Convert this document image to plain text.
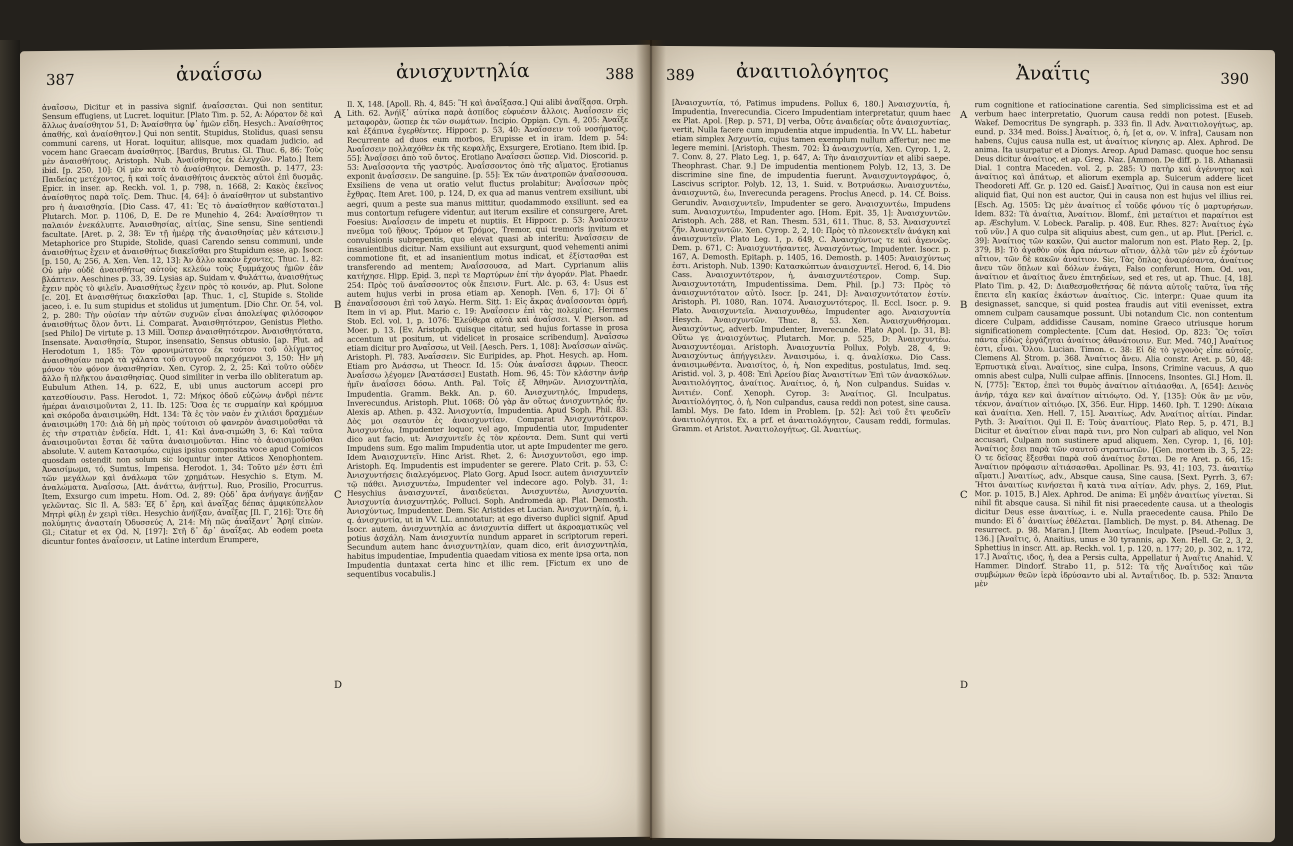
387	ἀναΐσσω	ἀνισχυντηλία	388

ἀναΐσσω, Dicitur et in passiva signif. ἀναΐσσεται. Qui non sentitur, Sensum effugiens, ut Lucret. loquitur. [Plato Tim. p. 52, A: Ἀόρατον δὲ καὶ ἄλλως ἀναίσθητον 51, D: Ἀναίσθητα ὑφ᾽ ἡμῶν εἴδη. Hesych.: Ἀναίσθητος ἀπαθής, καὶ ἀναίσθητον.] Qui non sentit, Stupidus, Stolidus, quasi sensu communi carens, ut Horat. loquitur, aliisque, mox quadam judicio, ad vocem hanc Graecam ἀναίσθητος. [Bardus, Brutus. Gl. Thuc. 6, 86: Τοὺς μὲν ἀναισθήτους. Aristoph. Nub. Ἀναίσθητος ἐκ ἐλεγχῶν. Plato.] Item ibid. [p. 250, 10]: Οἱ μὲν κατὰ τὸ ἀναίσθητον. Demosth. p. 1477, 23: Παιδείας μετέχοντος, ἢ καὶ τοῖς ἀναισθήτοις ἀνεκτὸς αὐτοὶ ἐπὶ δυσμᾶς. Epicr. in inser. ap. Reckh. vol. 1, p. 798, n. 1668, 2: Κακὸς ἐκεῖνος ἀναίσθητος παρὰ τοῖς. Dem. Thuc. [4, 64]: ὁ ἀναίσθητον ut substantivo pro ἡ ἀναισθησία. [Dio Cass. 47, 41: Ἐς τὸ ἀναίσθητον καθίσταται.] Plutarch. Mor. p. 1106, D, E. De re Munehio 4, 264: Ἀναίσθητον τι παλαιόν ἐνεκάλυπτε. Ἀναισθησίας, αἰτίας, Sine sensu, Sine sentiendi facultate. [Aret. p. 2, 38: Ἐν τῇ ἡμέρᾳ τῆς ἀναισθησίας μὲν κάτεισιν.] Metaphorice pro Stupide, Stolide, quasi Carendo sensu communi, unde ἀναισθήτως ἔχειν et ἀναισθήτως διακεῖσθαι pro Stupidum esse, ap. Isocr. [p. 150, A; 256, A. Xen. Ven. 12, 13]: Ἀν ἄλλο κακὸν ἔχοντες. Thuc. 1, 82: Οὐ μὴν οὐδὲ ἀναισθήτως αὐτοὺς κελεύω τοὺς ξυμμάχους ἡμῶν ἐᾶν βλάπτειν. Aeschines p. 33, 39. Lysias ap. Suidam v. Φυλάττω, ἀναισθήτως ἔχειν πρὸς τὸ φιλεῖν. Ἀναισθήτως ἔχειν πρὸς τὸ κοινόν, ap. Plut. Solone [c. 20]. Et ἀναισθήτως διακεῖσθαι [ap. Thuc. 1, c], Stupide s. Stolide jaceo, i. e. Iu sum stupidus et stolidus ut jumentum. [Dio Chr. Or. 54, vol. 2, p. 280: Τὴν οὐσίαν τὴν αὐτῶν συχνῶν εἶναι ἀπολείψας φιλόσοφον ἀναισθήτως ὅλον ὄντι. Li. Comparat. Ἀναισθητότερον, Genistus Pletho. [sed Philo] De virtute p. 13 Mill. Ὅσπερ ἀναισθητότερον. Ἀναισθητότατα, Insensate. Ἀναισθησία, Stupor, insensatio, Sensus obtusio. [ap. Plut. ad Herodotum 1, 185: Τὸν φρονιμώτατον ἐκ τούτου τοῦ ὀλίγματος ἀναισθησίαν παρὰ τὰ γάλατα τοῦ στυγνοῦ παρεχόμενοι 3, 150: Ἦν μὴ μόνον τὸν φόνον ἀναισθησίαν. Xen. Cyrop. 2, 2, 25: Καὶ τοῦτο οὐδὲν ἄλλο ἢ πλῆκτου ἀναισθησίας. Quod similiter in verba illo obliteratum ap. Eubulum Athen. 14, p. 622, E, ubi unus auctorum accepi pro κατεσθίουσιν. Pass. Herodot. 1, 72: Μήκος ὁδοῦ εὐζώνῳ ἀνδρὶ πέντε ἡμέραι ἀναισιμοῦνται 2, 11. Ib. 125: Ὅσα ἐς τε συρμαίην καὶ κρόμμυα καὶ σκόροδα ἀναισιμώθη. Hdt. 134: Τὰ ἐς τὸν ναὸν ἐν χιλιάσι δραχμέων ἀναισιμώθη 170: Διὰ δὴ μὴ πρὸς τούτοισι οὐ φανερὸν ἀνασιμοῦσθαι τὰ ἐς τὴν στρατιὰν ἐνδεία. Hdt. 1, 41: Καὶ ἀνα-σιμώθη 3, 6: Καὶ ταῦτα ἀναισιμοῦνται ἔσται δὲ ταῦτα ἀναισιμοῦνται. Hinc τὸ ἀναισιμοῦσθαι absolute. V. autem Κατασιμόω, cujus ipsius composita voce apud Comicos quosdam ostendit non solum sic loquntur inter Atticos Xenophontem. Ἀναισίμωμα, τό, Sumtus, Impensa. Herodot. 1, 34: Τοῦτο μέν ἐστι ἐπὶ τῶν μεγάλων καὶ ἀνάλωμα τῶν χρημάτων. Hesychio s. Etym. M. ἀναλώματα. Ἀναΐσσω, [Att. ἀνάττω, ἀνῄττω]. Ruo, Prosilio, Procurrus. Item, Exsurgo cum impetu. Hom. Od. 2, 89: Οὐδ᾽ ἄρα ἀνήγαγε ἀνῄξαν γελῶντας. Sic Il. A, 583: Ἐξ δ᾽ ἔρη, καὶ ἀναΐξας δέπας ἀμφικύπελλον Μητρὶ φίλῃ ἐν χειρὶ τίθει. Hesychio ἀνήϊξαν, ἀναΐξας [Il. Γ, 216]: Ὅτε δὴ πολύμητις ἀνασταίη Ὀδυσσεύς Λ, 214: Μὴ πῶς ἀναΐξαντ᾽ Ἄρηϊ εἰπὼν. Gl.; Citatur et ex Od. N, [197]: Στῆ δ᾽ ἄρ᾽ ἀναΐξας. Ab eodem poeta dicuntur fontes ἀναΐσσειν, ut Latine interdum Erumpere,

Il. X, 148. [Apoll. Rh. 4, 845: Ἢ καὶ ἀναΐξασα.] Qui alibi ἀναΐξασα. Orph. Lith. 62. Ἀνήϊξ᾽ αὐτίκα παρὰ ἀσπίδος εὐφυέσιν ἄλλοις. Ἀναΐσσειν εἰς μεταφορὰν, ὥσπερ ἐκ τῶν σωμάτων. Incipio. Oppian. Cyn. 4, 205: Ἀναΐξε καὶ ἐξάπινα ἐγερθέντες. Hippocr. p. 53, 40: Ἀναΐσσειν τοῦ νοσήματος. Recurrente ad duos eum morbos, Erupisse et in iram. Idem p. 54: Ἀναΐσσειν πολλαχόθεν ἐκ τῆς κεφαλῆς, Exsurgere, Erotiano. Item ibid. [p. 55]: Ἀναΐσσει ἀπὸ τοῦ ὄντος. Erotiano Ἀναΐσσει ὥσπερ. Vid. Dioscorid. p. 53: Ἀναΐσσοντα τῆς γαστρός. Ἀναΐσσοντος ὀπὸ τῆς αἵματος. Erotianus exponit ἀναΐσσειν. De sanguine. [p. 55]: Ἐκ τῶν ἀνατροπῶν ἀναΐσσουσα. Exsiliens de vena ut oratio velut fluctus prolabitur; Ἀναΐσσων πρὸς ἔχθρας. Item Aret. 100, p. 124, D, ex qua ad manus ventrem exsiliunt, ubi aegri, quum a peste sua manus mittitur, quodammodo exsiliunt. sed ea mus contortum refugere videntur, aut iterum exsilire et consurgere. Aret. Foesius: Ἀναΐσσειν de impetu et nuptiis. Et Hippocr. p. 53: Ἀναΐσσειν πνεῦμα τοῦ ἤθους. Τρόμον et Τρόμος, Tremor, qui tremoris invitum et convulsionis subrepentis, quo elevat quasi ab interitu: Ἀναΐσσειν de insanientibus dicitur. Nam exsiliunt aut exsurgunt, quod vehementi animi commotione fit, et ad insanientium motus indicat, et ἐξίστασθαι est transferendo ad mentem; Ἀναΐσσουσα, ad Mart. Cyprianum aliis κατήχησε. Hipp. Epid. 3, περὶ τε Μαρτύρων ἐπί τὴν ἀγοράν. Plat. Phaedr. 254: Πρὸς τοῦ ἀναΐσσοντος οὐκ ἔπεισιν. Furt. Alc. p. 63, 4: Usus est autem hujus verbi in prosa etiam ap. Xenoph. [Ven. 6, 17]: Οἱ δ᾽ ἐπαναΐσσουσι ἐπὶ τοῦ λαγὼ. Herm. Sitt. 1: Εἰς ἄκρας ἀναΐσσονται ὁρμή. Item in vi ap. Plut. Mario c. 19: Ἀναΐσσειν ἐπὶ τὰς πολεμίας. Hermes Stob. Ecl. vol. 1, p. 1076: Ἐλεύθερα αὐτὰ καὶ ἀναΐσσει. V. Pierson. ad Moer. p. 13. [Ev. Aristoph. quisque citatur, sed hujus fortasse in prosa accentum ut positum, ut videlicet in prosaice scribendum]. Ἀναΐσσω etiam dicitur pro Ἀναΐσσω, ut Veil. [Aesch. Pers. 1, 108]: Ἀναΐσσων αἰνῶς. Aristoph. Pl. 783. Ἀναΐσσειν. Sic Euripides, ap. Phot. Hesych. ap. Hom. Etiam pro Ἀνάσσω, ut Theocr. Id. 15: Οὐκ ἀναΐσσει ἄφρων. Theocr. Ἀναΐσσω λέγομεν [Ἀνατάσσει] Eustath. Hom. 96, 45: Τὸν κλάστην ἀνήρ ἡμῖν ἀναΐσσει δόσω. Anth. Pal. Τοῖς ἐξ Ἀθηνῶν. Ἀνισχυντηλία, Impudentia. Gramm. Bekk. An. p. 60. Ἀνισχυντηλός, Impudens, Inverecundus. Aristoph. Plut. 1068: Οὐ γὰρ ἂν οὕτως ἀνισχυντηλός ἦν. Alexis ap. Athen. p. 432. Ἀνισχυντία, Impudentia. Apud Soph. Phil. 83: Δὸς μοι σεαυτὸν ἐς ἀναισχυντίαν. Comparat Ἀνισχυντότερον. Ἀνισχυντέω, Impudenter loquor, vel ago, Impudentia utor, Impudenter dico aut facio, ut: Ἀνισχυντεῖν ἐς τὸν κρέοντα. Dem. Sunt qui verti Impudens sum. Ego malim Impudentia utor, ut apte Impudenter me gero. Idem Ἀναισχυντεῖν. Hinc Arist. Rhet. 2, 6: Ἀνισχυντοῦσι, ego imp. Aristoph. Eq. Impudentis est impudenter se gerere. Plato Crit. p. 53, C: Ἀνισχυντήσεις διαλεγόμενος. Plato Gorg. Apud Isocr. autem ἀνισχυντεῖν τῷ πάθει. Ἀνισχυντέω, Impudenter vel indecore ago. Polyb. 31, 1: Hesychius ἀναισχυντεῖ, ἀναιδεύεται. Ἀνισχυντέω, Ἀνισχυντία. Ἀνισχυντία ἀνισχυντηλός. Polluci. Soph. Andromeda ap. Plat. Demosth. Ἀνισχύντως, Impudenter. Dem. Sic Aristides et Lucian. Ἀνισχυντηλία, ἡ, i. q. ἀνισχυντία, ut in VV. LL. annotatur; at ego diverso duplici signif. Apud Isocr. autem, ἀνισχυντηλία ac ἀνισχυντία differt ut ἀκροαματικῶς vel potius ἀσχάλη. Nam ἀνισχυντία nundum apparet in scriptorum reperi. Secundum autem hanc ἀνισχυντηλίαν, quam dico, erit ἀνισχυντηλία, habitus impudentiae, Impudentia quaedam vitiosa ex mente ipsa orta, non Impudentia duntaxat certa hinc et illic rem. [Fictum ex uno de sequentibus vocabulis.]

A
B
C
D
389 ἀναιτιολόγητος	Ἀναΐτις	390

[Ἀναισχυντία, τό, Patimus impudens. Pollux 6, 180.] Ἀναισχυντία, ἡ, Impudentia, Inverecundia. Cicero Impudentiam interpretatur, quum haec ex Plat. Apol. [Rep. p. 571, D] verba, Οὔτε ἀναιδείας οὔτε ἀναισχυντίας, vertit, Nulla facere cum impudentia atque impudentia. In VV. LL. habetur etiam simplex Ἀσχυντία, cujus tamen exemplum nullum affertur, nec me legere memini. [Aristoph. Thesm. 702: Ὦ ἀναισχυντία, Xen. Cyrop. 1, 2, 7. Conv. 8, 27. Plato Leg. 1, p. 647, A: Τὴν ἀναισχυντίαν et alibi saepe. Theophrast. Char. 9.] De impudentia mentionem Polyb. 12, 13, 3. De discrimine sine fine, de impudentia fuerunt. Ἀναισχυντογράφος, ὁ, Lascivus scriptor. Polyb. 12, 13, 1. Suid. v. Βοτρυάσκω. Ἀναισχυντέω, ἀναισχυντῶ, ἐω, Inverecunda peragens. Proclus Anecd. p. 14. Cf. Boiss. Gerundiv. Ἀναισχυντεῖν, Impudenter se gero. Ἀναισχυντέω, Impudens sum. Ἀναισχυντέω, Impudenter ago. [Hom. Epit. 35, 1]: Ἀναισχυντῶν. Aristoph. Ach. 288, et Ran. Thesm. 531, 611. Thuc. 8, 53. Ἀναισχυντεῖ ζῆν. Ἀναισχυντῶν. Xen. Cyrop. 2, 2, 10: Πρὸς τὸ πλεονεκτεῖν ἀνάγκη καὶ ἀναισχυντεῖν. Plato Leg. 1, p. 649, C. Ἀναισχύντως τε καὶ ἀγεννῶς. Dem. p. 671, C: Ἀναισχυντήσαντες. Ἀναισχύντως, Impudenter. Isocr. p. 167, A. Demosth. Epitaph. p. 1405, 16. Demosth. p. 1405: Ἀναισχύντως ἐστι. Aristoph. Nub. 1390: Κατασκώπτων ἀναισχυντεῖ. Herod. 6, 14. Dio Cass. Ἀναισχυντότερον, ἡ, ἀναισχυντέστερον. Comp. Sup. Ἀναισχυντοτάτη, Impudentissima. Dem. Phil. [p.] 73: Πρὸς τὸ ἀναισχυντότατον αὐτὸ. Isocr. [p. 241, D]: Ἀναισχυντότατον ἐστίν. Aristoph. Pl. 1080, Ran. 1074. Ἀναισχυντότερος. Il. Eccl. Isocr. p. 9. Plato. Ἀναισχυντεῖα. Ἀναισχυνθέω, Impudenter ago. Ἀναισχυντία Hesych. Ἀναισχυντῶν. Thuc. 8, 53. Xen. Ἀναισχυνθήσομαι. Ἀναισχύντως, adverb. Impudenter, Inverecunde. Plato Apol. [p. 31, B]: Οὕτω γε ἀναισχύντως. Plutarch. Mor. p. 525, D: Ἀναισχυντέω. Ἀναισχυντέομαι. Aristoph. Ἀναισχυντία Pollux. Polyb. 28, 4, 9: Ἀναισχύντως ἀπήγγειλεν. Ἀναισιμόω, i. q. ἀναλίσκω. Dio Cass. ἀναισιμωθέντα. Ἀναισίτος, ὁ, ἡ, Non expeditus, postulatus, Imd. seq. Aristid. vol. 3, p. 408: Ἐπὶ Ἀρείου βίας Ἀναιστίτων Ἐπὶ τῶν ἀνασκόλων. Ἀναιτιολόγητος, ἀναίτιος. Ἀναίτιος, ὁ, ἡ, Non culpandus. Suidas v. Ἀνιτιέν. Conf. Xenoph. Cyrop. 3: Ἀναίτιος. Gl. Inculpatus. Ἀναιτίολόγητος, ὁ, ἡ, Non culpandus, causa reddi non potest, sine causa. Iambl. Mys. De fato. Idem in Problem. [p. 52]: Ἀεὶ τοῦ ἔτι ψευδεῖν ἀναιτιολόγητοι. Ex. a prf. et ἀναιτιολόγητον, Causam reddi, formulas. Gramm. et Aristot. Ἀναιτιολογήτως. Gl. Ἀναιτίως.

rum cognitione et ratiocinatione carentia. Sed simplicissima est et ad verbum haec interpretatio, Quorum causa reddi non potest. [Euseb. Wakef. Democritus De syngraph. p. 333 fin. Il Adv. Ἀναιτιολογήτως, ap. eund. p. 334 med. Boiss.] Ἀναίτιος, ὁ, ἡ, [et α, ον. V. infra], Causam non habens, Cujus causa nulla est, ut ἀναίτιος κίνησις ap. Alex. Aphrod. De anima. Ita usurpatur et a Dionys. Areop. Apud Damasc. quoque hoc sensu Deus dicitur ἀναίτιος. et ap. Greg. Naz. [Ammon. De diff. p. 18. Athanasii Dial. 1 contra Maceden. vol. 2, p. 285: Ὁ πατὴρ καὶ ἀγέννητος καὶ ἀναίτιος καὶ ἀπάτωρ, et aliorum exempla ap. Suicerum addere licet Theodoreti Aff. Gr. p. 120 ed. Gaisf.] Ἀναίτιος, Qui in causa non est eiur aliquid fiat, Qui non est auctor, Qui in causa non est hujus vel illius rei. [Esch. Ag. 1505: Ὡς μὲν ἀναίτιος εἶ τοῦδε φόνου τίς ὁ μαρτυρήσων. Idem. 832: Τὰ ἀναίτια, Ἀναίτιον. Blomf., ἐπὶ μεταίτιοι et παραίτιοι est ap. Æschylum. V. Lobeck. Paralip. p. 408. Eur. Rhes. 827: Ἀναίτιος ἐγὼ τοῦ νῦν.] A quo culpa sit aliquius abest, cum gen., ut ap. Plut. [Pericl. c. 39]: Ἀναίτιος τῶν κακῶν, Qui auctor malorum non est. Plato Rep. 2, [p. 379, B]: Τὸ ἀγαθὸν οὐκ ἄρα πάντων αἴτιον, ἀλλὰ τῶν μὲν εὖ ἐχόντων αἴτιον, τῶν δὲ κακῶν ἀναίτιον. Sic, Τὰς ὅπλας ἀναιρέσαντα, ἀναίτιος ἄνευ τῶν ὅπλων καὶ δόλων ἐνάγει, Falso conferunt. Hom. Od. ναι, ἀναίτιον et ἀναίτιος ἄνευ ἐπιτηδείων, sed et res, ut ap. Thuc. [4, 18]. Plato Tim. p. 42, D: Διαθεσμοθετήσας δὲ πάντα αὐτοῖς ταῦτα, ἵνα τῆς ἔπειτα εἴη κακίας ἑκάστων ἀναίτιος. Cic. interpr.: Quae quum ita designasset, sancque, si quid postea fraudis aut vitii evenisset, extra omnem culpam causamque possunt. Ubi notandum Cic. non contentum dicere Culpam, addidisse Causam, nomine Graeco utriusque horum significationem complectente. [Cum dat. Hesiod. Op. 823: Ὃς τοῖσι πάντα εἰδὼς ἐργάζηται ἀναίτιος ἀθανάτοισιν. Eur. Med. 740.] Ἀναίτιος ἐστι, εἶναι. Ὅλου. Lucian. Timon. c. 38: Εἰ δὲ τὸ γεγονὸς εἶπε αὐτοῖς. Clemens Al. Strom. p. 368. Ἀναίτιος ἄνευ. Alia constr. Aret. p. 50, 48: Ἐρπυστικὰ εἶναι. Ἀναίτιος, sine culpa, Insons, Crimine vacuus, A quo omnis abest culpa, Nulli culpae affinis. [Innocens, Insontes. Gl.] Hom. Il. N, [775]: Ἕκτορ, ἐπεὶ τοι θυμὸς ἀναίτιον αἰτιάασθαι. Λ, [654]: Δεινὸς ἀνήρ, τάχα κεν καὶ ἀναίτιον αἰτιόῳτο. Od. Υ, [135]: Οὐκ ἂν με νῦν, τέκνον, ἀναίτιον αἰτιόῳο. [X, 356. Eur. Hipp. 1460. Iph. T. 1290: Δίκαια καὶ ἀναίτια. Xen. Hell. 7, 15]. Ἀναιτίως. Adv. Ἀναίτιος αἰτίαι. Pindar. Pyth. 3: Ἀναίτιοι. Qui Il. E: Τοὺς ἀναιτίους. Plato Rep. 5, p. 471, B.] Dicitur et ἀναίτιον εἶναι παρὰ τινι, pro Non culpari ab aliquo, vel Non accusari, Culpam non sustinere apud aliquem. Xen. Cyrop. 1, [6, 10]: Ἀναίτιος ἔσει παρὰ τῶν σαυτοῦ στρατιωτῶν. [Gen. mortem ib. 3, 5, 22: Ὁ τε δεῖσας ἔξεσθαι παρὰ σοῦ ἀναίτιος ἔσται. De re Aret. p. 66, 15: Ἀναίτιον πρόφασιν αἰτιάσασθαι. Apollinar. Ps. 93, 41; 103, 73. ἀναιτίῳ αἵματι.] Ἀναιτίως, adv., Absque causa, Sine causa. [Sext. Pyrrh. 3, 67: Ἥτοι ἀναιτίως κινήσεται ἢ κατὰ τινα αἰτίαν. Adv. phys. 2, 169, Plut. Mor. p. 1015, B.] Alex. Aphrod. De anima: Εἰ μηδὲν ἀναιτίως γίνεται. Si nihil fit absque causa. Si nihil fit nisi praecedente causa. ut a theologis dicitur Deus esse ἀναιτίως, i. e. Nulla praecedente causa. Philo De mundo: Εἰ δ᾽ ἀναιτίως ἐθέλεται. [Iamblich. De myst. p. 84. Athenag. De resurrect. p. 98. Maran.] [Item Ἀναιτίως, Inculpate. [Pseud.-Pollux 3, 136.] [Ἀναῖτις, ὁ, Anaitius, unus e 30 tyrannis, ap. Xen. Hell. Gr. 2, 3, 2. Sphettius in inscr. Att. ap. Reckh. vol. 1, p. 120, n. 177; 20, p. 302, n. 172, 17.] Ἀναΐτις, ιδος, ἡ, dea a Persis culta, Appellatur ἡ Ἀναΐτις Anahid. V. Hammer. Dindorf. Strabo 11, p. 512: Τὰ τῆς Ἀναΐτιδος καὶ τῶν συμβώμων θεῶν ἱερὰ ἱδρύσαντο ubi al. Ἀνταΐτιδος. Ib. p. 532: Ἅπαντα μὲν

A
B
C
D
